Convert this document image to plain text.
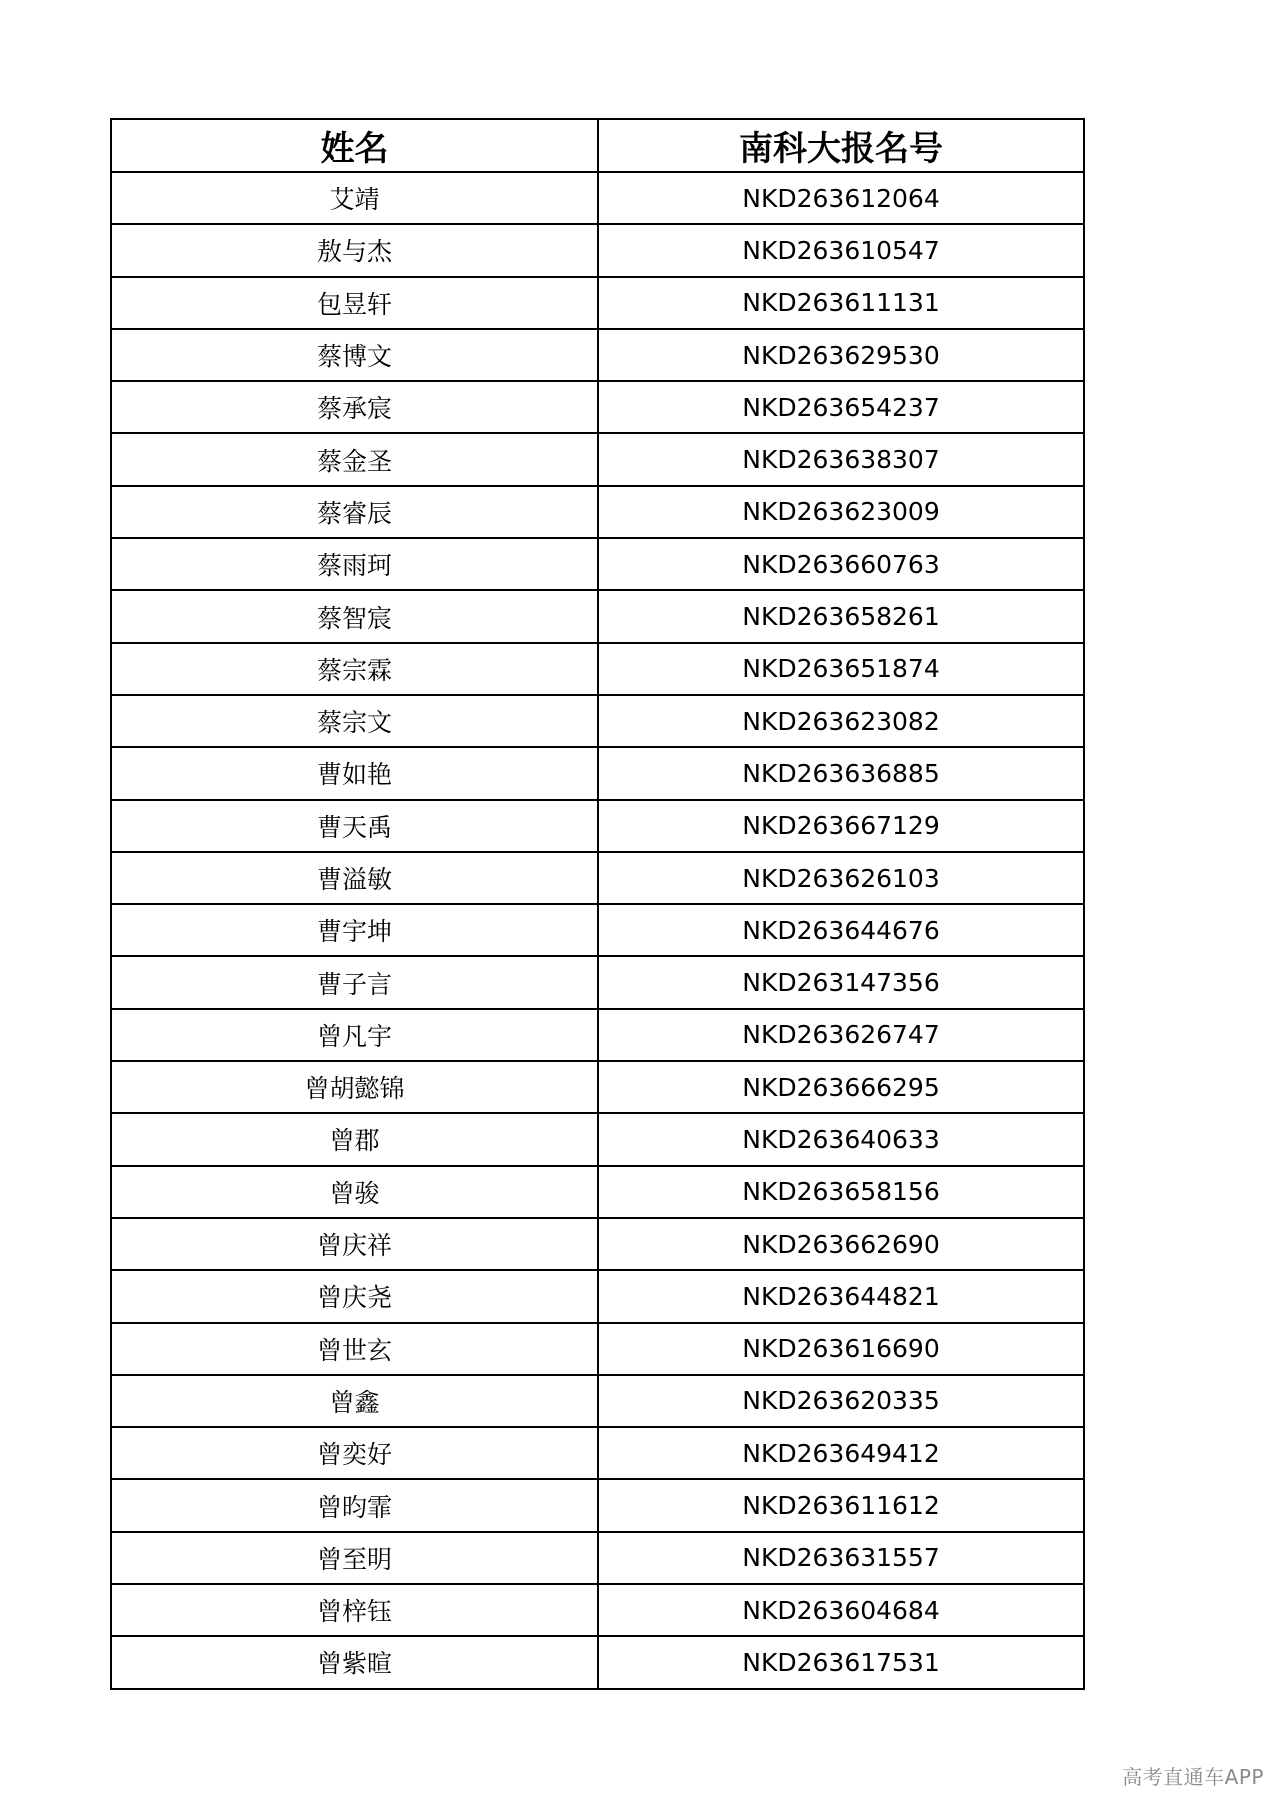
姓名	南科大报名号
艾靖	NKD263612064
敖与杰	NKD263610547
包昱轩	NKD263611131
蔡博文	NKD263629530
蔡承宸	NKD263654237
蔡金圣	NKD263638307
蔡睿辰	NKD263623009
蔡雨珂	NKD263660763
蔡智宸	NKD263658261
蔡宗霖	NKD263651874
蔡宗文	NKD263623082
曹如艳	NKD263636885
曹天禹	NKD263667129
曹溢敏	NKD263626103
曹宇坤	NKD263644676
曹子言	NKD263147356
曾凡宇	NKD263626747
曾胡懿锦	NKD263666295
曾郡	NKD263640633
曾骏	NKD263658156
曾庆祥	NKD263662690
曾庆尧	NKD263644821
曾世玄	NKD263616690
曾鑫	NKD263620335
曾奕好	NKD263649412
曾昀霏	NKD263611612
曾至明	NKD263631557
曾梓钰	NKD263604684
曾紫暄	NKD263617531
高考直通车APP
